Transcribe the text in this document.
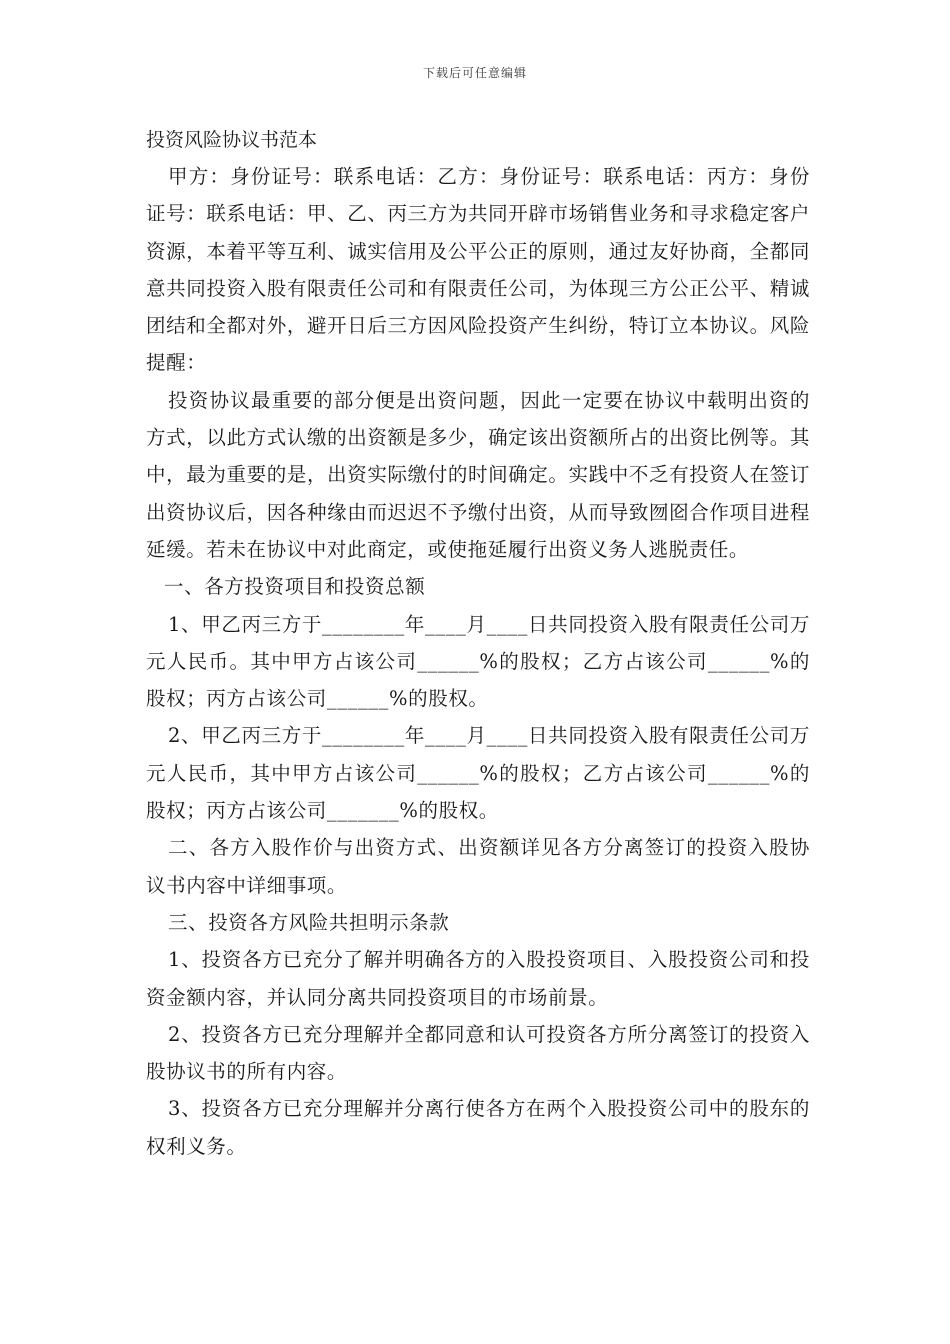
下载后可任意编辑
投资风险协议书范本

甲方：身份证号：联系电话：乙方：身份证号：联系电话：丙方：身份证号：联系电话：甲、乙、丙三方为共同开辟市场销售业务和寻求稳定客户资源，本着平等互利、诚实信用及公平公正的原则，通过友好协商，全都同意共同投资入股有限责任公司和有限责任公司，为体现三方公正公平、精诚团结和全都对外，避开日后三方因风险投资产生纠纷，特订立本协议。风险提醒：

投资协议最重要的部分便是出资问题，因此一定要在协议中载明出资的方式，以此方式认缴的出资额是多少，确定该出资额所占的出资比例等。其中，最为重要的是，出资实际缴付的时间确定。实践中不乏有投资人在签订出资协议后，因各种缘由而迟迟不予缴付出资，从而导致囫囵合作项目进程延缓。若未在协议中对此商定，或使拖延履行出资义务人逃脱责任。

一、各方投资项目和投资总额

1、甲乙丙三方于________年____月____日共同投资入股有限责任公司万元人民币。其中甲方占该公司______%的股权；乙方占该公司______%的股权；丙方占该公司______%的股权。

2、甲乙丙三方于________年____月____日共同投资入股有限责任公司万元人民币，其中甲方占该公司______%的股权；乙方占该公司______%的股权；丙方占该公司_______%的股权。

二、各方入股作价与出资方式、出资额详见各方分离签订的投资入股协议书内容中详细事项。

三、投资各方风险共担明示条款

1、投资各方已充分了解并明确各方的入股投资项目、入股投资公司和投资金额内容，并认同分离共同投资项目的市场前景。

2、投资各方已充分理解并全都同意和认可投资各方所分离签订的投资入股协议书的所有内容。

3、投资各方已充分理解并分离行使各方在两个入股投资公司中的股东的权利义务。
